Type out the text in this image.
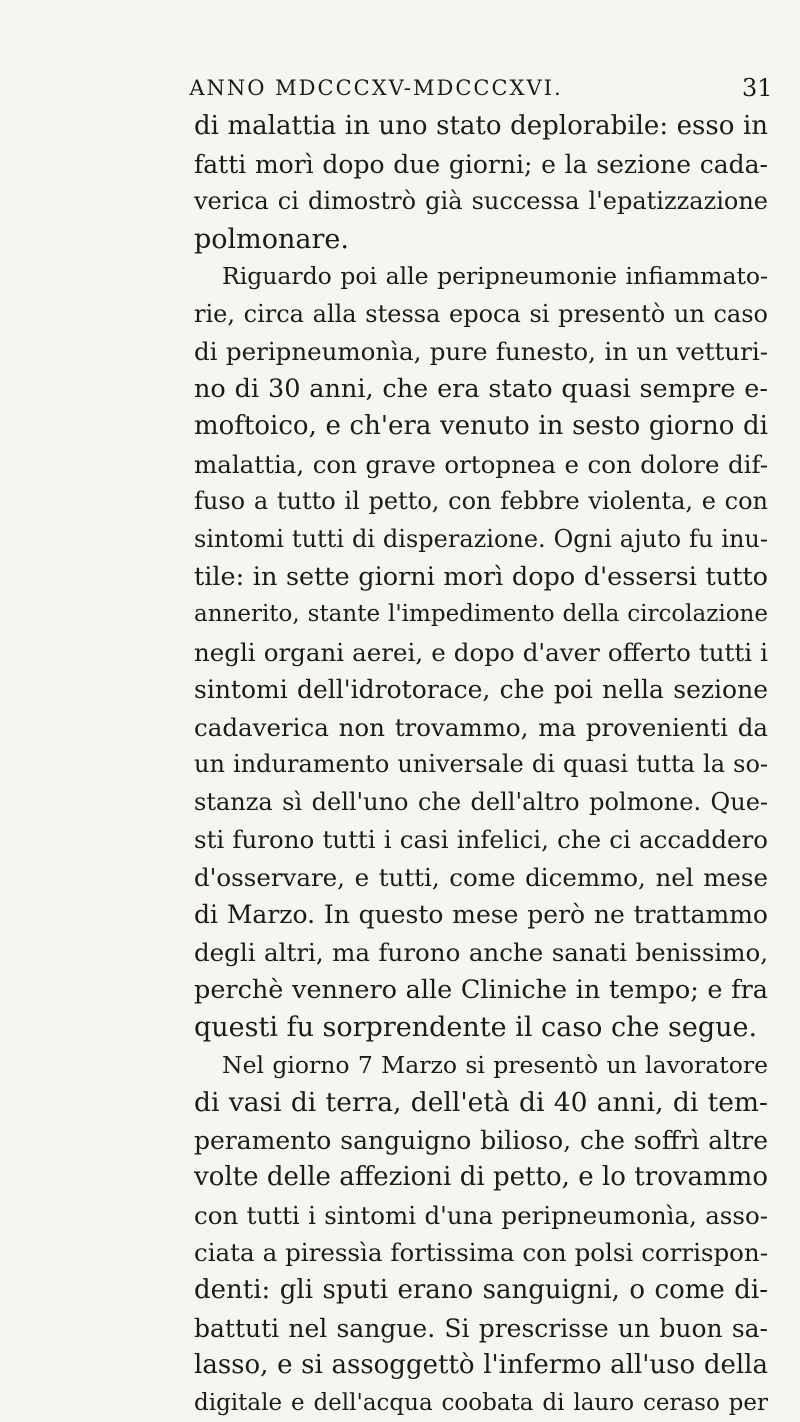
ANNO MDCCCXV-MDCCCXVI.	31
di malattia in uno stato deplorabile: esso in
fatti morì dopo due giorni; e la sezione cada-
verica ci dimostrò già successa l'epatizzazione
polmonare.
Riguardo poi alle peripneumonie infiammato-
rie, circa alla stessa epoca si presentò un caso
di peripneumonìa, pure funesto, in un vetturi-
no di 30 anni, che era stato quasi sempre e-
moftoico, e ch'era venuto in sesto giorno di
malattia, con grave ortopnea e con dolore dif-
fuso a tutto il petto, con febbre violenta, e con
sintomi tutti di disperazione. Ogni ajuto fu inu-
tile: in sette giorni morì dopo d'essersi tutto
annerito, stante l'impedimento della circolazione
negli organi aerei, e dopo d'aver offerto tutti i
sintomi dell'idrotorace, che poi nella sezione
cadaverica non trovammo, ma provenienti da
un induramento universale di quasi tutta la so-
stanza sì dell'uno che dell'altro polmone. Que-
sti furono tutti i casi infelici, che ci accaddero
d'osservare, e tutti, come dicemmo, nel mese
di Marzo. In questo mese però ne trattammo
degli altri, ma furono anche sanati benissimo,
perchè vennero alle Cliniche in tempo; e fra
questi fu sorprendente il caso che segue.
Nel giorno 7 Marzo si presentò un lavoratore
di vasi di terra, dell'età di 40 anni, di tem-
peramento sanguigno bilioso, che soffrì altre
volte delle affezioni di petto, e lo trovammo
con tutti i sintomi d'una peripneumonìa, asso-
ciata a piressìa fortissima con polsi corrispon-
denti: gli sputi erano sanguigni, o come di-
battuti nel sangue. Si prescrisse un buon sa-
lasso, e si assoggettò l'infermo all'uso della
digitale e dell'acqua coobata di lauro ceraso per
